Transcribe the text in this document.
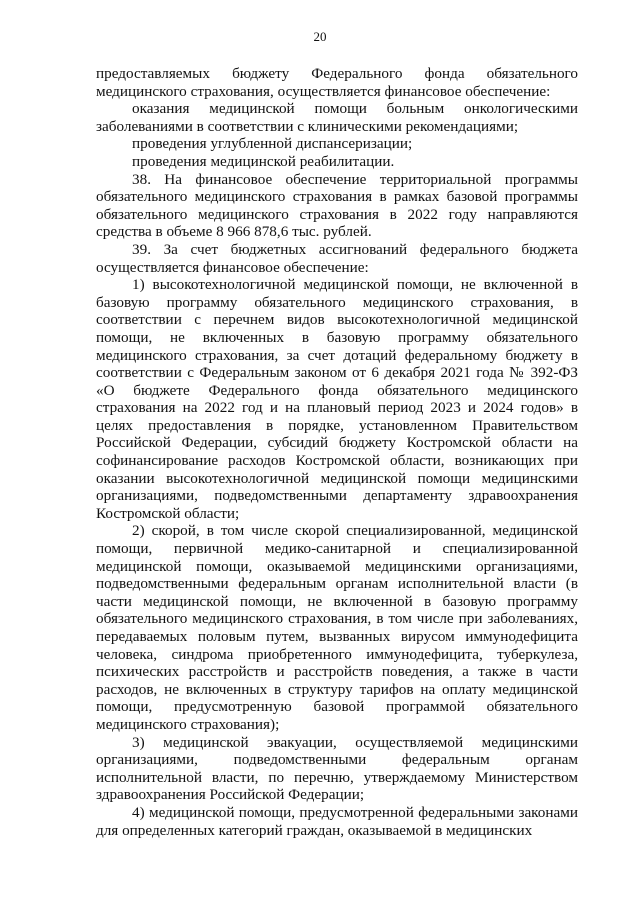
20

предоставляемых бюджету Федерального фонда обязательного медицинского страхования, осуществляется финансовое обеспечение:

оказания медицинской помощи больным онкологическими заболеваниями в соответствии с клиническими рекомендациями;

проведения углубленной диспансеризации;

проведения медицинской реабилитации.

38. На финансовое обеспечение территориальной программы обязательного медицинского страхования в рамках базовой программы обязательного медицинского страхования в 2022 году направляются средства в объеме 8 966 878,6 тыс. рублей.

39. За счет бюджетных ассигнований федерального бюджета осуществляется финансовое обеспечение:

1) высокотехнологичной медицинской помощи, не включенной в базовую программу обязательного медицинского страхования, в соответствии с перечнем видов высокотехнологичной медицинской помощи, не включенных в базовую программу обязательного медицинского страхования, за счет дотаций федеральному бюджету в соответствии с Федеральным законом от 6 декабря 2021 года № 392-ФЗ «О бюджете Федерального фонда обязательного медицинского страхования на 2022 год и на плановый период 2023 и 2024 годов» в целях предоставления в порядке, установленном Правительством Российской Федерации, субсидий бюджету Костромской области на софинансирование расходов Костромской области, возникающих при оказании высокотехнологичной медицинской помощи медицинскими организациями, подведомственными департаменту здравоохранения Костромской области;

2) скорой, в том числе скорой специализированной, медицинской помощи, первичной медико-санитарной и специализированной медицинской помощи, оказываемой медицинскими организациями, подведомственными федеральным органам исполнительной власти (в части медицинской помощи, не включенной в базовую программу обязательного медицинского страхования, в том числе при заболеваниях, передаваемых половым путем, вызванных вирусом иммунодефицита человека, синдрома приобретенного иммунодефицита, туберкулеза, психических расстройств и расстройств поведения, а также в части расходов, не включенных в структуру тарифов на оплату медицинской помощи, предусмотренную базовой программой обязательного медицинского страхования);

3) медицинской эвакуации, осуществляемой медицинскими организациями, подведомственными федеральным органам исполнительной власти, по перечню, утверждаемому Министерством здравоохранения Российской Федерации;

4) медицинской помощи, предусмотренной федеральными законами для определенных категорий граждан, оказываемой в медицинских
